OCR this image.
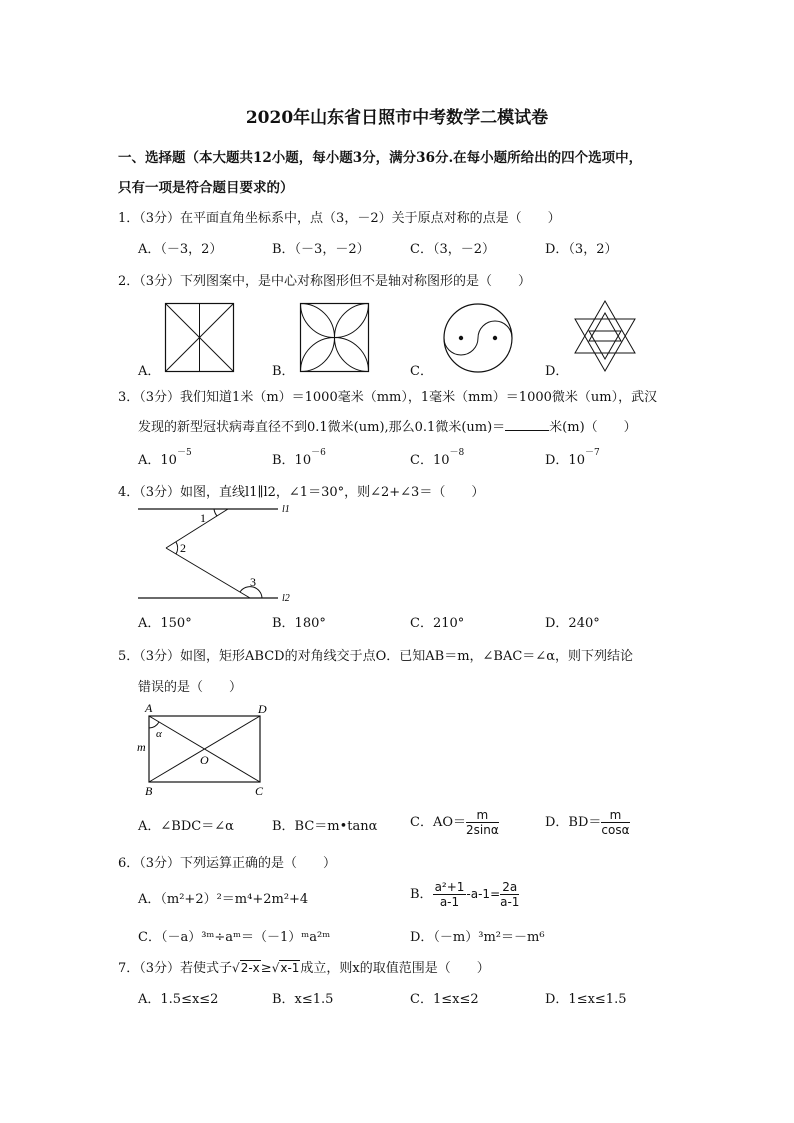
2020年山东省日照市中考数学二模试卷
一、选择题（本大题共12小题，每小题3分，满分36分.在每小题所给出的四个选项中，
只有一项是符合题目要求的）
1．（3分）在平面直角坐标系中，点（3，－2）关于原点对称的点是（　　）
A．（－3，2）	B．（－3，－2）	C．（3，－2）	D．（3，2）
2．（3分）下列图案中，是中心对称图形但不是轴对称图形的是（　　）
A．	B．	C．	D．
3．（3分）我们知道1米（m）＝1000毫米（mm），1毫米（mm）＝1000微米（um），武汉
发现的新型冠状病毒直径不到0.1微米(um),那么0.1微米(um)＝	米(m)（　　）
A．$10^{-5}$	B．$10^{-6}$	C．$10^{-8}$	D．$10^{-7}$
4．（3分）如图，直线l1∥l2，∠1＝30°，则∠2+∠3＝（　　）
1
2
3
l1
l2
A．150°	B．180°	C．210°	D．240°
5．（3分）如图，矩形ABCD的对角线交于点O．已知AB＝m，∠BAC＝∠α，则下列结论
错误的是（　　）
A	D
B	C
O
m
α
A．∠BDC＝∠α	B．BC＝m•tanα	C．$AO= \frac{m}{2\sin\alpha}$	D．$BD= \frac{m}{\cos\alpha}$
6．（3分）下列运算正确的是（　　）
A．（m²+2）²＝m⁴+2m²+4	B． $\frac{\text{a²+1}}{a-1} -a-1= \frac{2a}{a-1}$
C．（－a）³ᵐ÷aᵐ＝（－1）ᵐa²ᵐ	D．（－m）³m²＝－m⁶
7．（3分）若使式子√2-x≥√x-1成立，则x的取值范围是（　　）
A．1.5≤x≤2	B．x≤1.5	C．1≤x≤2	D．1≤x≤1.5
